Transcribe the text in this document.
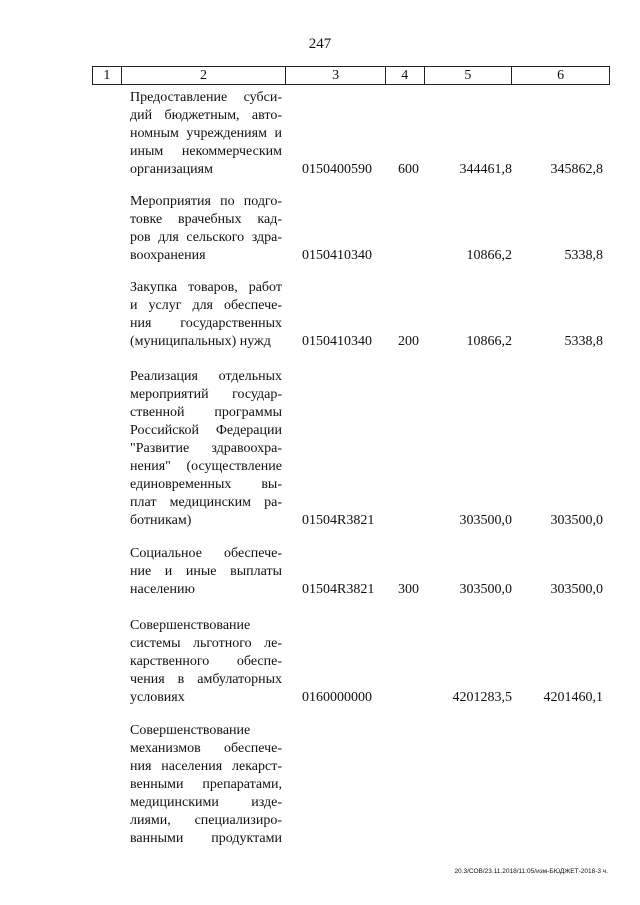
247
1	2	3	4	5	6
Предоставление субси-
дий бюджетным, авто-
номным учреждениям и
иным некоммерческим
организациям	0150400590 600	344461,8	345862,8
Мероприятия по подго-
товке врачебных кад-
ров для сельского здра-
воохранения	0150410340	10866,2	5338,8
Закупка товаров, работ
и услуг для обеспече-
ния государственных
(муниципальных) нужд	0150410340 200	10866,2	5338,8
Реализация отдельных
мероприятий государ-
ственной программы
Российской Федерации
"Развитие здравоохра-
нения" (осуществление
единовременных вы-
плат медицинским ра-
ботникам)	01504R3821	303500,0	303500,0
Социальное обеспече-
ние и иные выплаты
населению	01504R3821 300	303500,0	303500,0
Совершенствование
системы льготного ле-
карственного обеспе-
чения в амбулаторных
условиях	0160000000	4201283,5 4201460,1
Совершенствование
механизмов обеспече-
ния населения лекарст-
венными препаратами,
медицинскими изде-
лиями, специализиро-
ванными продуктами
20.3/СОВ/23.11.2018/11:05/изм-БЮДЖЕТ-2018-3 ч.
